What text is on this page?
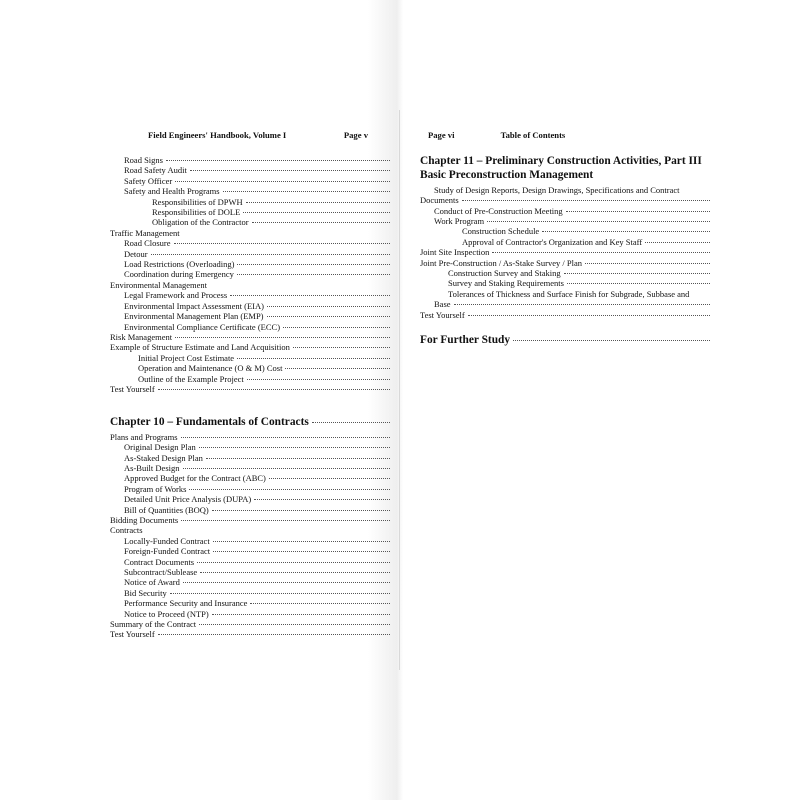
Field Engineers' Handbook, Volume I	Page v
Road Signs
Road Safety Audit
Safety Officer
Safety and Health Programs
Responsibilities of DPWH
Responsibilities of DOLE
Obligation of the Contractor
Traffic Management
Road Closure
Detour
Load Restrictions (Overloading)
Coordination during Emergency
Environmental Management
Legal Framework and Process
Environmental Impact Assessment (EIA)
Environmental Management Plan (EMP)
Environmental Compliance Certificate (ECC)
Risk Management
Example of Structure Estimate and Land Acquisition
Initial Project Cost Estimate
Operation and Maintenance (O & M) Cost
Outline of the Example Project
Test Yourself
Chapter 10 – Fundamentals of Contracts
Plans and Programs
Original Design Plan
As-Staked Design Plan
As-Built Design
Approved Budget for the Contract (ABC)
Program of Works
Detailed Unit Price Analysis (DUPA)
Bill of Quantities (BOQ)
Bidding Documents
Contracts
Locally-Funded Contract
Foreign-Funded Contract
Contract Documents
Subcontract/Sublease
Notice of Award
Bid Security
Performance Security and Insurance
Notice to Proceed (NTP)
Summary of the Contract
Test Yourself
Page vi	Table of Contents
Chapter 11 – Preliminary Construction Activities, Part III
Basic Preconstruction Management
Study of Design Reports, Design Drawings, Specifications and Contract
Documents
Conduct of Pre-Construction Meeting
Work Program
Construction Schedule
Approval of Contractor's Organization and Key Staff
Joint Site Inspection
Joint Pre-Construction / As-Stake Survey / Plan
Construction Survey and Staking
Survey and Staking Requirements
Tolerances of Thickness and Surface Finish for Subgrade, Subbase and
Base
Test Yourself
For Further Study
